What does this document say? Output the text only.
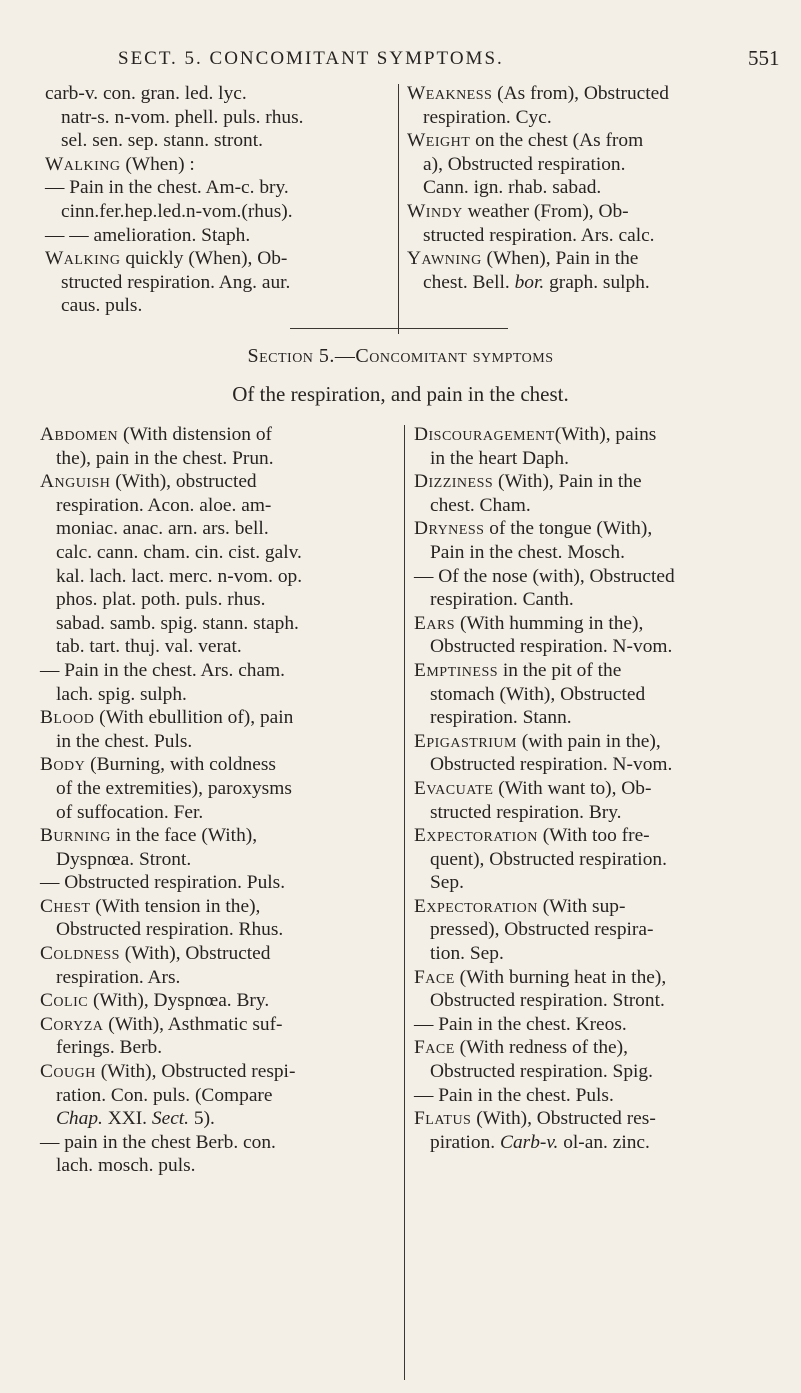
SECT. 5. CONCOMITANT SYMPTOMS.	551
carb-v. con. gran. led. lyc.
natr-s. n-vom. phell. puls. rhus.
sel. sen. sep. stann. stront.
Walking (When) :
— Pain in the chest. Am-c. bry.
cinn.fer.hep.led.n-vom.(rhus).
— — amelioration. Staph.
Walking quickly (When), Ob-
structed respiration. Ang. aur.
caus. puls.
Weakness (As from), Obstructed
respiration. Cyc.
Weight on the chest (As from
a), Obstructed respiration.
Cann. ign. rhab. sabad.
Windy weather (From), Ob-
structed respiration. Ars. calc.
Yawning (When), Pain in the
chest. Bell. bor. graph. sulph.
Section 5.—Concomitant symptoms
Of the respiration, and pain in the chest.
Abdomen (With distension of
the), pain in the chest. Prun.
Anguish (With), obstructed
respiration. Acon. aloe. am-
moniac. anac. arn. ars. bell.
calc. cann. cham. cin. cist. galv.
kal. lach. lact. merc. n-vom. op.
phos. plat. poth. puls. rhus.
sabad. samb. spig. stann. staph.
tab. tart. thuj. val. verat.
— Pain in the chest. Ars. cham.
lach. spig. sulph.
Blood (With ebullition of), pain
in the chest. Puls.
Body (Burning, with coldness
of the extremities), paroxysms
of suffocation. Fer.
Burning in the face (With),
Dyspnœa. Stront.
— Obstructed respiration. Puls.
Chest (With tension in the),
Obstructed respiration. Rhus.
Coldness (With), Obstructed
respiration. Ars.
Colic (With), Dyspnœa. Bry.
Coryza (With), Asthmatic suf-
ferings. Berb.
Cough (With), Obstructed respi-
ration. Con. puls. (Compare
Chap. XXI. Sect. 5).
— pain in the chest Berb. con.
lach. mosch. puls.
Discouragement(With), pains
in the heart Daph.
Dizziness (With), Pain in the
chest. Cham.
Dryness of the tongue (With),
Pain in the chest. Mosch.
— Of the nose (with), Obstructed
respiration. Canth.
Ears (With humming in the),
Obstructed respiration. N-vom.
Emptiness in the pit of the
stomach (With), Obstructed
respiration. Stann.
Epigastrium (with pain in the),
Obstructed respiration. N-vom.
Evacuate (With want to), Ob-
structed respiration. Bry.
Expectoration (With too fre-
quent), Obstructed respiration.
Sep.
Expectoration (With sup-
pressed), Obstructed respira-
tion. Sep.
Face (With burning heat in the),
Obstructed respiration. Stront.
— Pain in the chest. Kreos.
Face (With redness of the),
Obstructed respiration. Spig.
— Pain in the chest. Puls.
Flatus (With), Obstructed res-
piration. Carb-v. ol-an. zinc.
